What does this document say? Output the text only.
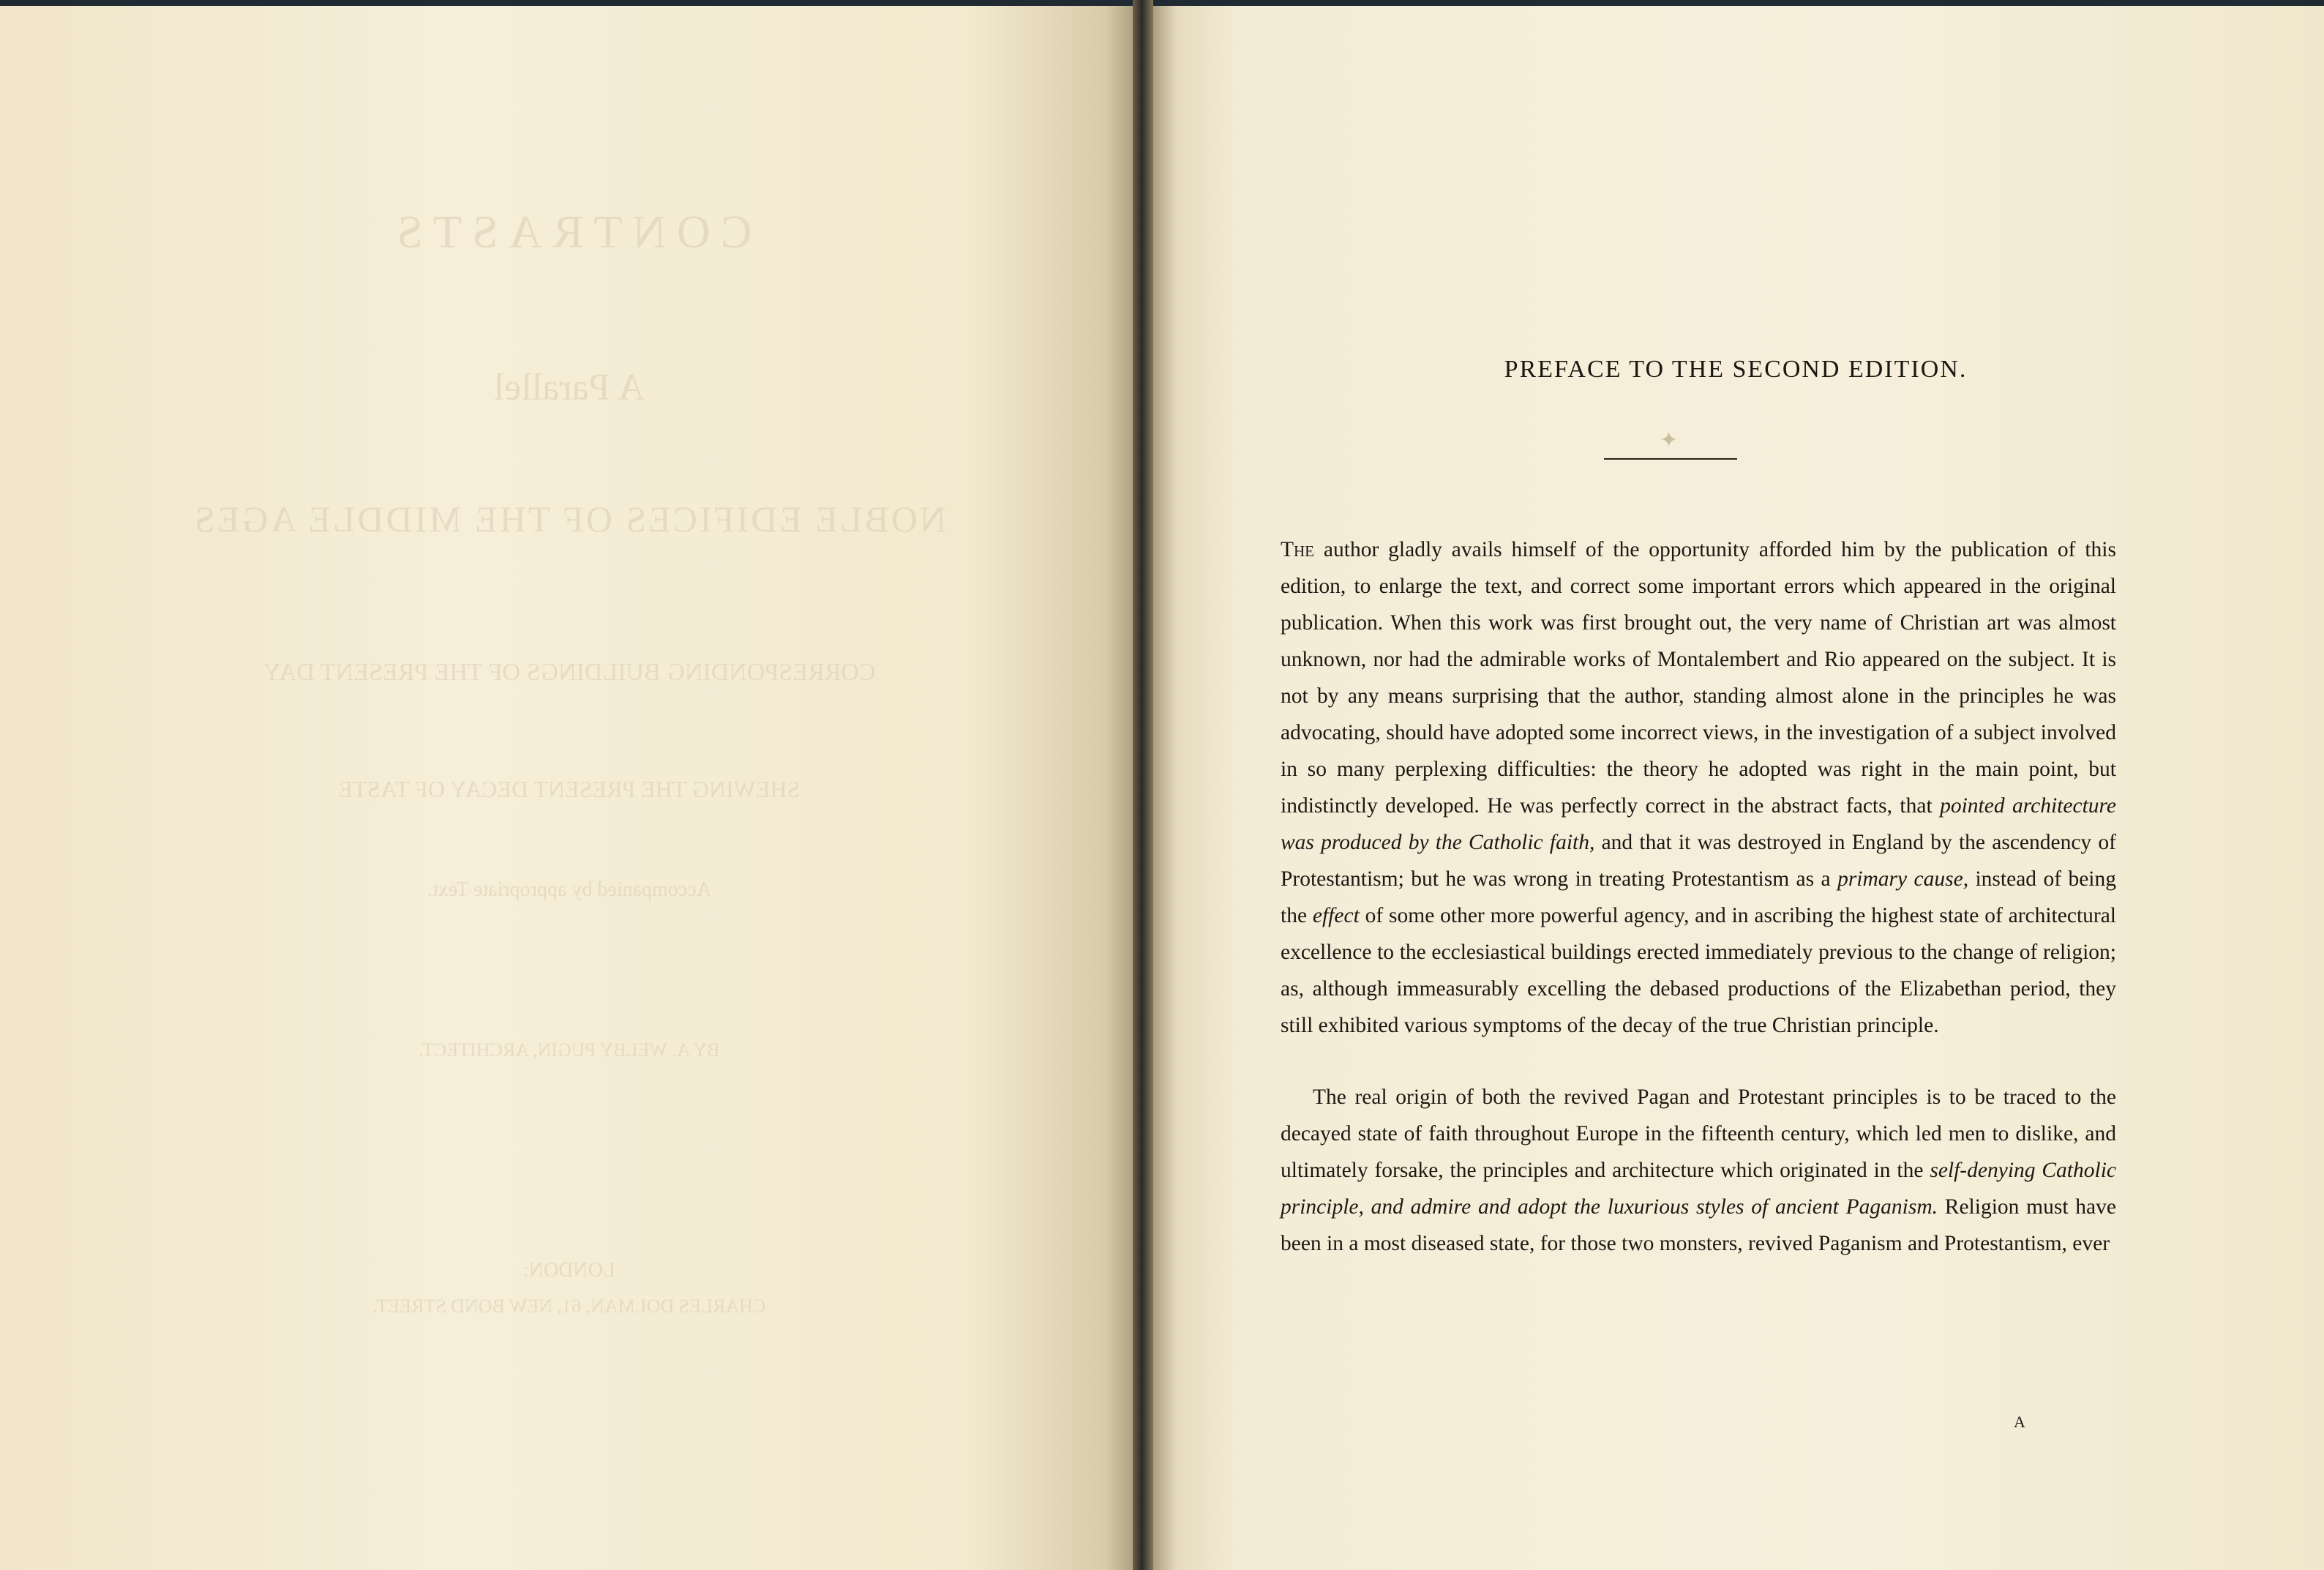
CONTRASTS
A Parallel
NOBLE EDIFICES OF THE MIDDLE AGES
CORRESPONDING BUILDINGS OF THE PRESENT DAY
SHEWING THE PRESENT DECAY OF TASTE
Accompanied by appropriate Text.
BY A. WELBY PUGIN, ARCHITECT.
LONDON:
CHARLES DOLMAN, 61, NEW BOND STREET.
PREFACE TO THE SECOND EDITION.
✦

The author gladly avails himself of the opportunity afforded him by the publication of this edition, to enlarge the text, and correct some important errors which appeared in the original publication. When this work was first brought out, the very name of Christian art was almost unknown, nor had the admirable works of Montalembert and Rio appeared on the subject. It is not by any means surprising that the author, standing almost alone in the principles he was advocating, should have adopted some incorrect views, in the investigation of a subject involved in so many perplexing difficulties: the theory he adopted was right in the main point, but indistinctly developed. He was perfectly correct in the abstract facts, that pointed architecture was produced by the Catholic faith, and that it was destroyed in England by the ascendency of Protestantism; but he was wrong in treating Protestantism as a primary cause, instead of being the effect of some other more powerful agency, and in ascribing the highest state of architectural excellence to the ecclesiastical buildings erected immediately previous to the change of religion; as, although immeasurably excelling the debased productions of the Elizabethan period, they still exhibited various symptoms of the decay of the true Christian principle.

The real origin of both the revived Pagan and Protestant principles is to be traced to the decayed state of faith throughout Europe in the fifteenth century, which led men to dislike, and ultimately forsake, the principles and architecture which originated in the self-denying Catholic principle, and admire and adopt the luxurious styles of ancient Paganism. Religion must have been in a most diseased state, for those two monsters, revived Paganism and Protestantism, ever

A
